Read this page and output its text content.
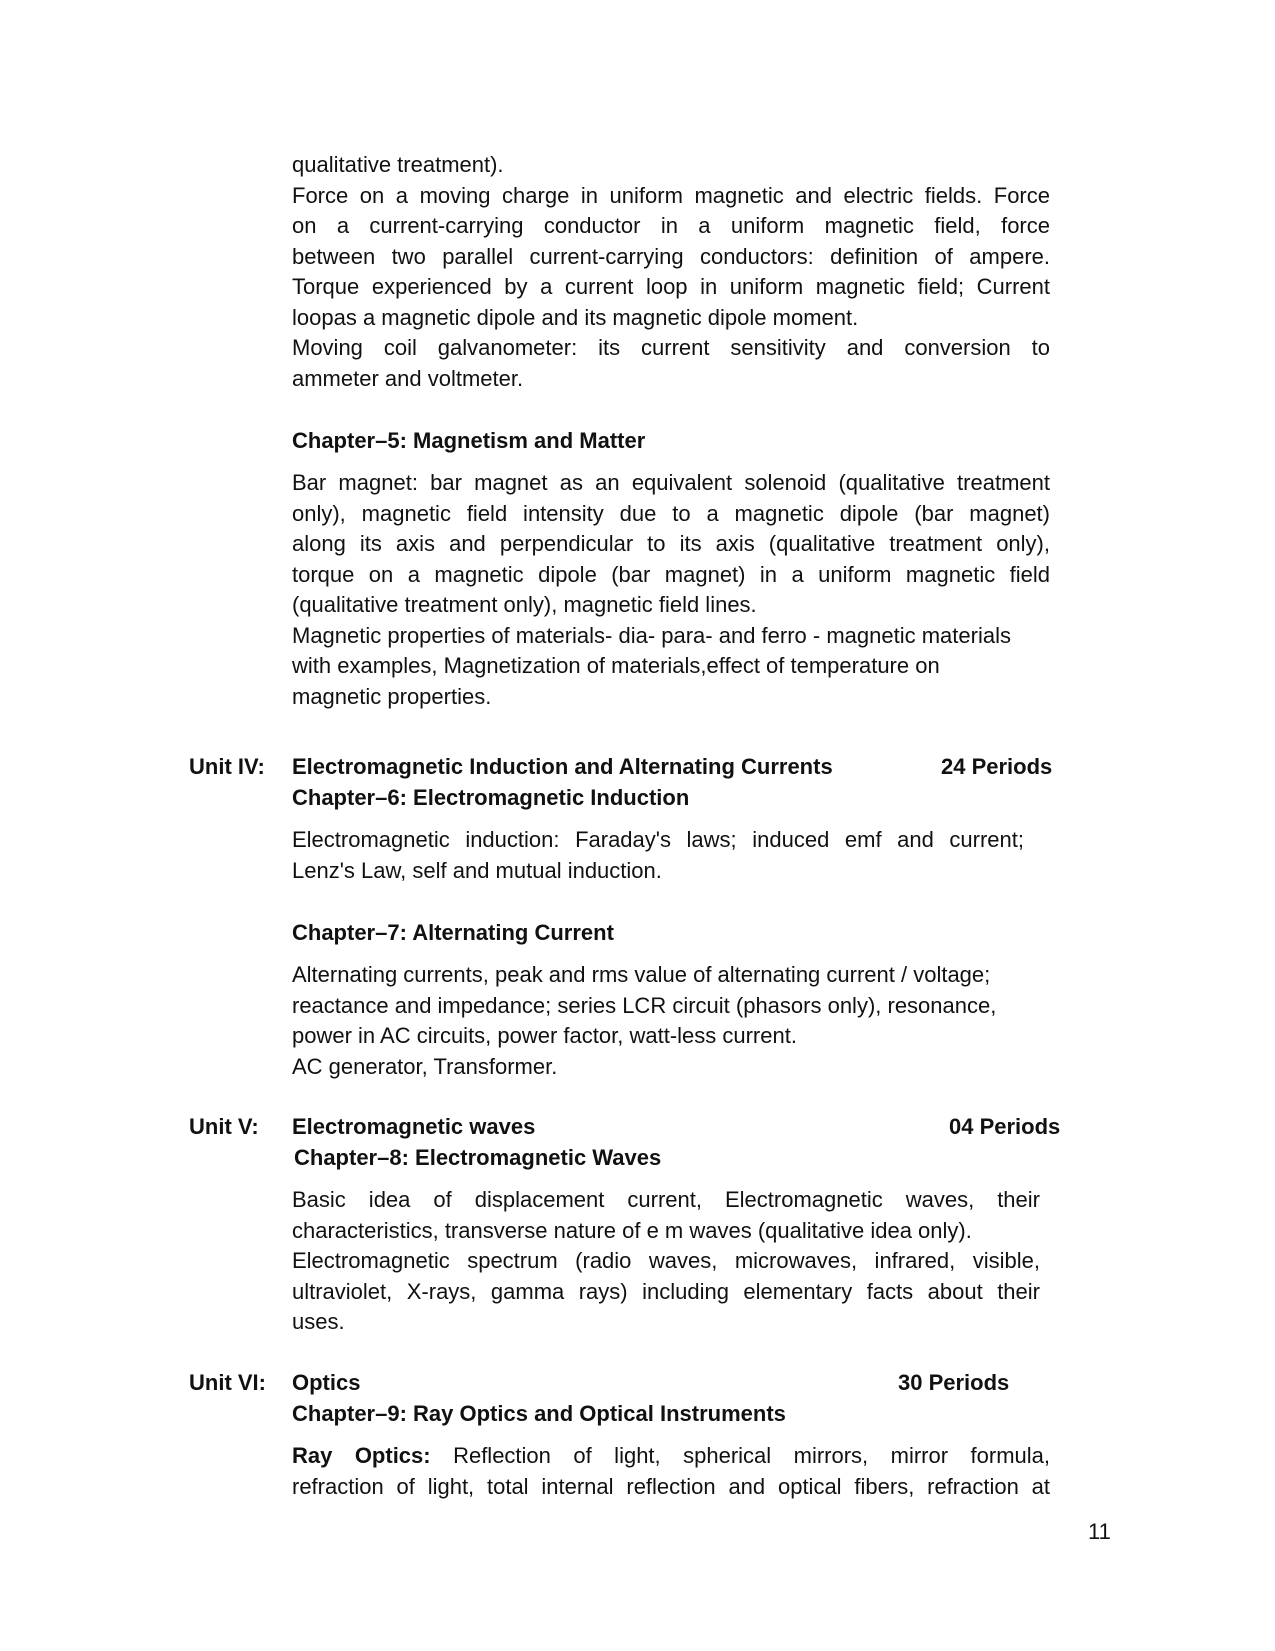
qualitative treatment).
Force on a moving charge in uniform magnetic and electric fields. Force
on a current-carrying conductor in a uniform magnetic field, force
between two parallel current-carrying conductors: definition of ampere.
Torque experienced by a current loop in uniform magnetic field; Current
loopas a magnetic dipole and its magnetic dipole moment.
Moving coil galvanometer: its current sensitivity and conversion to
ammeter and voltmeter.
Chapter–5: Magnetism and Matter
Bar magnet: bar magnet as an equivalent solenoid (qualitative treatment
only), magnetic field intensity due to a magnetic dipole (bar magnet)
along its axis and perpendicular to its axis (qualitative treatment only),
torque on a magnetic dipole (bar magnet) in a uniform magnetic field
(qualitative treatment only), magnetic field lines.
Magnetic properties of materials- dia- para- and ferro - magnetic materials
with examples, Magnetization of materials,effect of temperature on
magnetic properties.
Unit IV: Electromagnetic Induction and Alternating Currents	24 Periods
Chapter–6: Electromagnetic Induction
Electromagnetic induction: Faraday's laws; induced emf and current;
Lenz's Law, self and mutual induction.
Chapter–7: Alternating Current
Alternating currents, peak and rms value of alternating current / voltage;
reactance and impedance; series LCR circuit (phasors only), resonance,
power in AC circuits, power factor, watt-less current.
AC generator, Transformer.
Unit V: Electromagnetic waves	04 Periods
Chapter–8: Electromagnetic Waves
Basic idea of displacement current, Electromagnetic waves, their
characteristics, transverse nature of e m waves (qualitative idea only).
Electromagnetic spectrum (radio waves, microwaves, infrared, visible,
ultraviolet, X-rays, gamma rays) including elementary facts about their
uses.
Unit VI: Optics	30 Periods
Chapter–9: Ray Optics and Optical Instruments
Ray Optics: Reflection of light, spherical mirrors, mirror formula,
refraction of light, total internal reflection and optical fibers, refraction at
11
